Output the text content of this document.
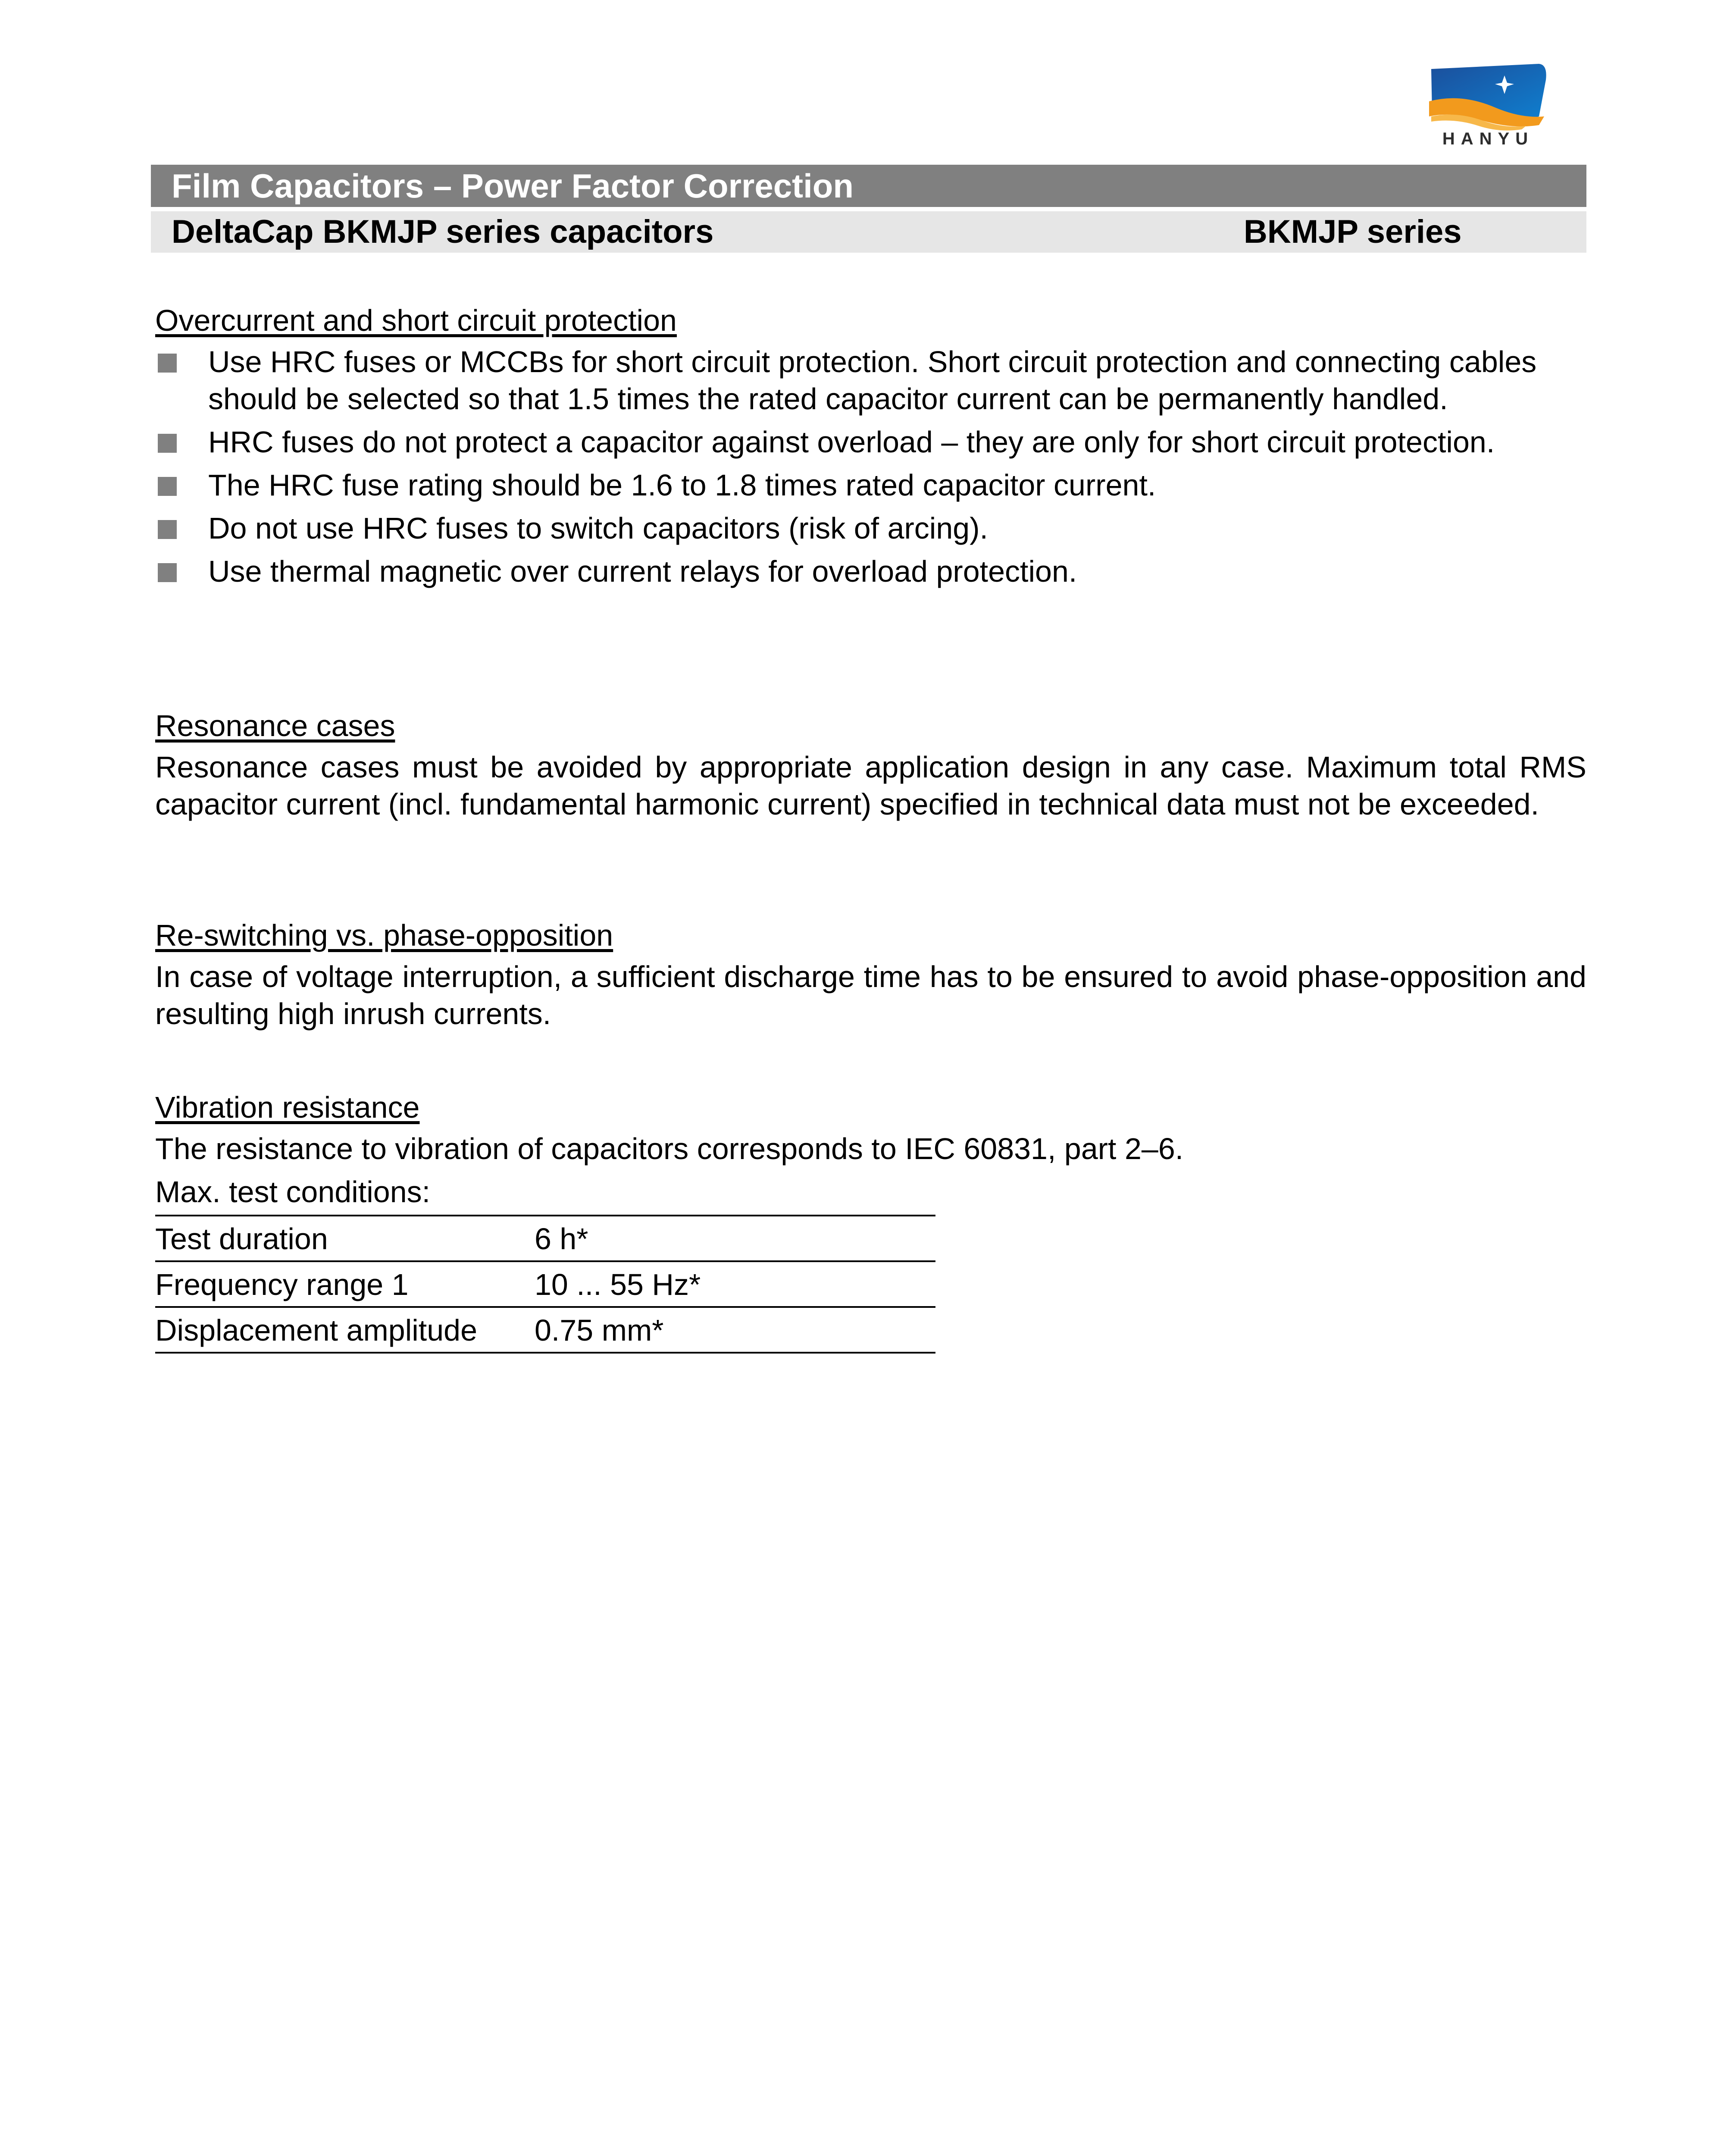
HANYU
Film Capacitors – Power Factor Correction
DeltaCap BKMJP series capacitors	BKMJP series
Overcurrent and short circuit protection
Use HRC fuses or MCCBs for short circuit protection. Short circuit protection and connecting cables should be selected so that 1.5 times the rated capacitor current can be permanently handled.
HRC fuses do not protect a capacitor against overload – they are only for short circuit protection.
The HRC fuse rating should be 1.6 to 1.8 times rated capacitor current.
Do not use HRC fuses to switch capacitors (risk of arcing).
Use thermal magnetic over current relays for overload protection.
Resonance cases
Resonance cases must be avoided by appropriate application design in any case. Maximum total RMS capacitor current (incl. fundamental harmonic current) specified in technical data must not be exceeded.
Re-switching vs. phase-opposition
In case of voltage interruption, a sufficient discharge time has to be ensured to avoid phase-opposition and resulting high inrush currents.
Vibration resistance
The resistance to vibration of capacitors corresponds to IEC 60831, part 2–6.
Max. test conditions:
Test duration	6 h*
Frequency range 1	10 ... 55 Hz*
Displacement amplitude	0.75 mm*
